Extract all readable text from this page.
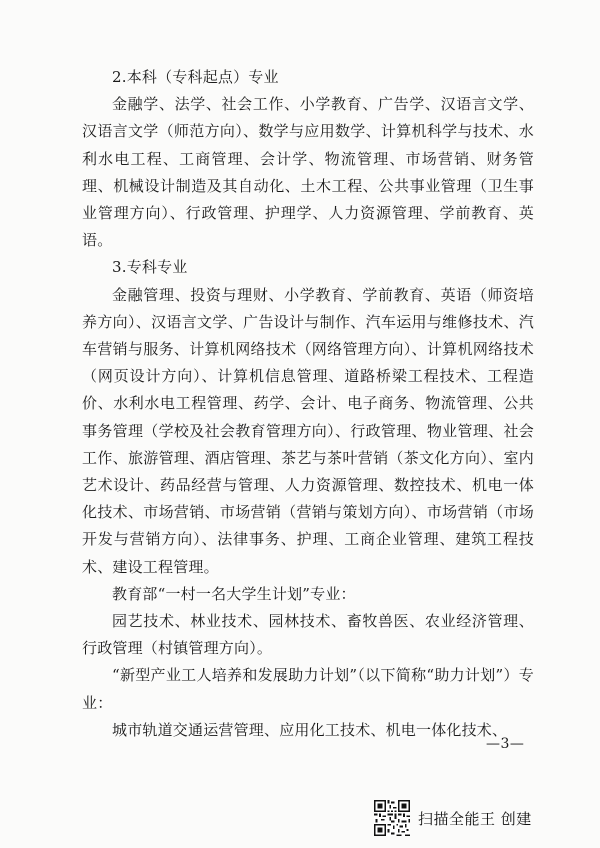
2.本科（专科起点）专业

金融学、法学、社会工作、小学教育、广告学、汉语言文学、汉语言文学（师范方向）、数学与应用数学、计算机科学与技术、水利水电工程、工商管理、会计学、物流管理、市场营销、财务管理、机械设计制造及其自动化、土木工程、公共事业管理（卫生事业管理方向）、行政管理、护理学、人力资源管理、学前教育、英语。

3.专科专业

金融管理、投资与理财、小学教育、学前教育、英语（师资培养方向）、汉语言文学、广告设计与制作、汽车运用与维修技术、汽车营销与服务、计算机网络技术（网络管理方向）、计算机网络技术（网页设计方向）、计算机信息管理、道路桥梁工程技术、工程造价、水利水电工程管理、药学、会计、电子商务、物流管理、公共事务管理（学校及社会教育管理方向）、行政管理、物业管理、社会工作、旅游管理、酒店管理、茶艺与茶叶营销（茶文化方向）、室内艺术设计、药品经营与管理、人力资源管理、数控技术、机电一体化技术、市场营销、市场营销（营销与策划方向）、市场营销（市场开发与营销方向）、法律事务、护理、工商企业管理、建筑工程技术、建设工程管理。

教育部“一村一名大学生计划”专业：

园艺技术、林业技术、园林技术、畜牧兽医、农业经济管理、行政管理（村镇管理方向）。

“新型产业工人培养和发展助力计划”（以下简称“助力计划”）专业：

城市轨道交通运营管理、应用化工技术、机电一体化技术、

—3—
扫描全能王 创建
